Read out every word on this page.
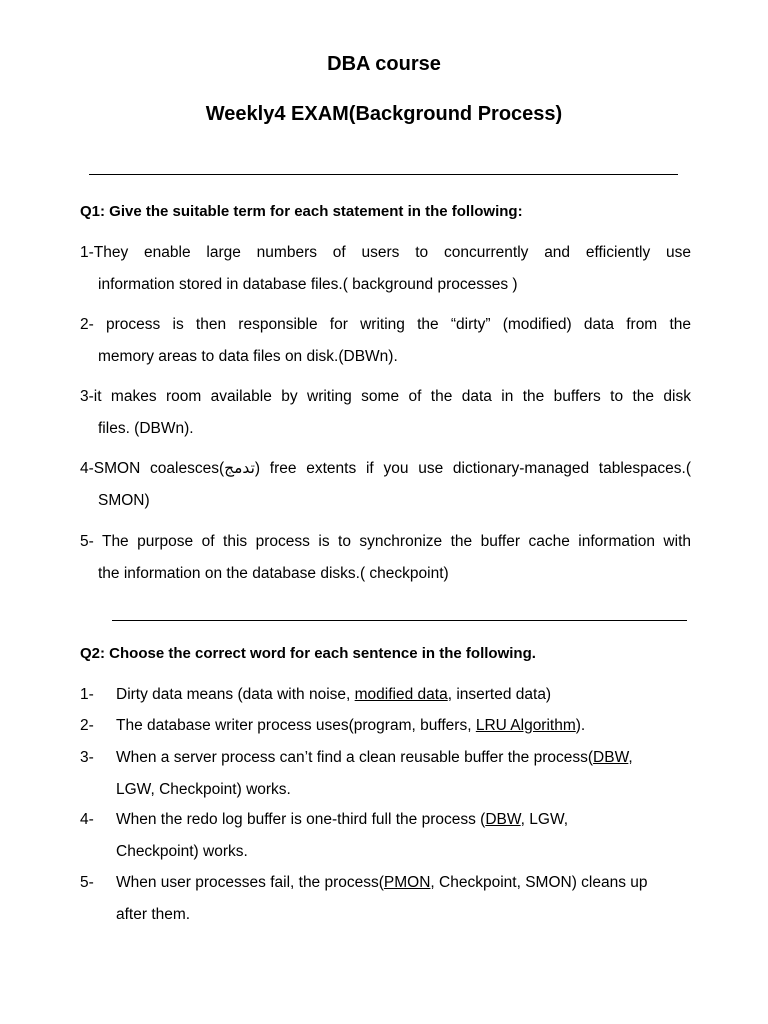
DBA course
Weekly4 EXAM(Background Process)
Q1: Give the suitable term for each statement in the following:
1-They enable large numbers of users to concurrently and efficiently use
information stored in database files.( background processes )
2- process is then responsible for writing the “dirty” (modified) data from the
memory areas to data files on disk.(DBWn).
3-it makes room available by writing some of the data in the buffers to the disk
files. (DBWn).
4-SMON coalesces(تدمج) free extents if you use dictionary-managed tablespaces.(
SMON)
5- The purpose of this process is to synchronize the buffer cache information with
the information on the database disks.( checkpoint)
Q2: Choose the correct word for each sentence in the following.
1- Dirty data means (data with noise, modified data, inserted data)
2- The database writer process uses(program, buffers, LRU Algorithm).
3- When a server process can’t find a clean reusable buffer the process(DBW,
LGW, Checkpoint) works.
4- When the redo log buffer is one-third full the process (DBW, LGW,
Checkpoint) works.
5- When user processes fail, the process(PMON, Checkpoint, SMON) cleans up
after them.
